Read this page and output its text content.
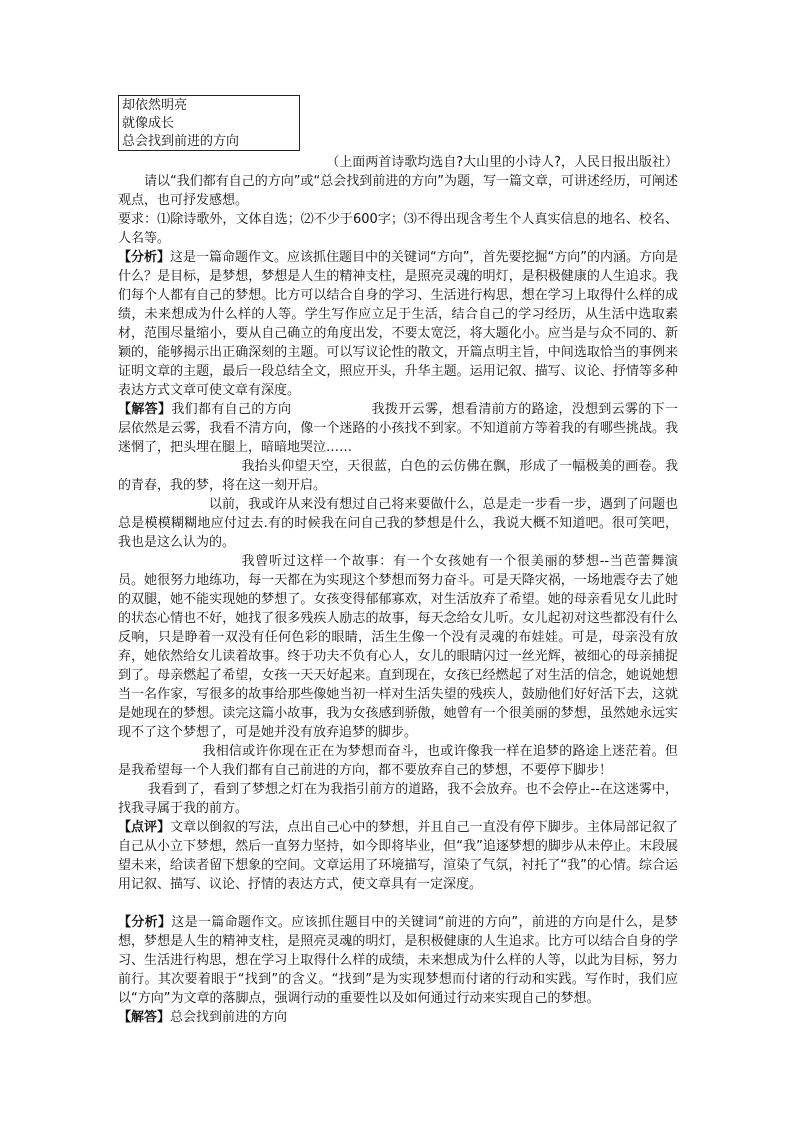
却依然明亮
就像成长
总会找到前进的方向

（上面两首诗歌均选自?大山里的小诗人?，人民日报出版社）

请以“我们都有自己的方向”或“总会找到前进的方向”为题，写一篇文章，可讲述经历，可阐述观点，也可抒发感想。

要求：⑴除诗歌外，文体自选；⑵不少于600字；⑶不得出现含考生个人真实信息的地名、校名、人名等。

【分析】这是一篇命题作文。应该抓住题目中的关键词“方向”，首先要挖掘“方向”的内涵。方向是什么？是目标，是梦想，梦想是人生的精神支柱，是照亮灵魂的明灯，是积极健康的人生追求。我们每个人都有自己的梦想。比方可以结合自身的学习、生活进行构思，想在学习上取得什么样的成绩，未来想成为什么样的人等。学生写作应立足于生活，结合自己的学习经历，从生活中选取素材，范围尽量缩小，要从自己确立的角度出发，不要太宽泛，将大题化小。应当是与众不同的、新颖的，能够揭示出正确深刻的主题。可以写议论性的散文，开篇点明主旨，中间选取恰当的事例来证明文章的主题，最后一段总结全文，照应开头，升华主题。运用记叙、描写、议论、抒情等多种表达方式文章可使文章有深度。

【解答】我们都有自己的方向	我拨开云雾，想看清前方的路途，没想到云雾的下一层依然是云雾，我看不清方向，像一个迷路的小孩找不到家。不知道前方等着我的有哪些挑战。我迷惘了，把头埋在腿上，暗暗地哭泣……

我抬头仰望天空，天很蓝，白色的云仿佛在飘，形成了一幅极美的画卷。我的青春，我的梦，将在这一刻开启。

以前，我或许从来没有想过自己将来要做什么，总是走一步看一步，遇到了问题也总是模模糊糊地应付过去.有的时候我在问自己我的梦想是什么，我说大概不知道吧。很可笑吧，我也是这么认为的。

我曾听过这样一个故事：有一个女孩她有一个很美丽的梦想--当芭蕾舞演员。她很努力地练功，每一天都在为实现这个梦想而努力奋斗。可是天降灾祸，一场地震夺去了她的双腿，她不能实现她的梦想了。女孩变得郁郁寡欢，对生活放弃了希望。她的母亲看见女儿此时的状态心情也不好，她找了很多残疾人励志的故事，每天念给女儿听。女儿起初对这些都没有什么反响，只是睁着一双没有任何色彩的眼睛，活生生像一个没有灵魂的布娃娃。可是，母亲没有放弃，她依然给女儿读着故事。终于功夫不负有心人，女儿的眼睛闪过一丝光辉，被细心的母亲捕捉到了。母亲燃起了希望，女孩一天天好起来。直到现在，女孩已经燃起了对生活的信念，她说她想当一名作家，写很多的故事给那些像她当初一样对生活失望的残疾人，鼓励他们好好活下去，这就是她现在的梦想。读完这篇小故事，我为女孩感到骄傲，她曾有一个很美丽的梦想，虽然她永远实现不了这个梦想了，可是她并没有放弃追梦的脚步。

我相信或许你现在正在为梦想而奋斗，也或许像我一样在追梦的路途上迷茫着。但是我希望每一个人我们都有自己前进的方向，都不要放弃自己的梦想，不要停下脚步！

我看到了，看到了梦想之灯在为我指引前方的道路，我不会放弃。也不会停止--在这迷雾中，找我寻属于我的前方。

【点评】文章以倒叙的写法，点出自己心中的梦想，并且自己一直没有停下脚步。主体局部记叙了自己从小立下梦想，然后一直努力坚持，如今即将毕业，但“我”追逐梦想的脚步从未停止。末段展望未来，给读者留下想象的空间。文章运用了环境描写，渲染了气氛，衬托了“我”的心情。综合运用记叙、描写、议论、抒情的表达方式，使文章具有一定深度。

【分析】这是一篇命题作文。应该抓住题目中的关键词“前进的方向”，前进的方向是什么，是梦想，梦想是人生的精神支柱，是照亮灵魂的明灯，是积极健康的人生追求。比方可以结合自身的学习、生活进行构思，想在学习上取得什么样的成绩，未来想成为什么样的人等，以此为目标，努力前行。其次要着眼于“找到”的含义。“找到”是为实现梦想而付诸的行动和实践。写作时，我们应以“方向”为文章的落脚点，强调行动的重要性以及如何通过行动来实现自己的梦想。

【解答】总会找到前进的方向
